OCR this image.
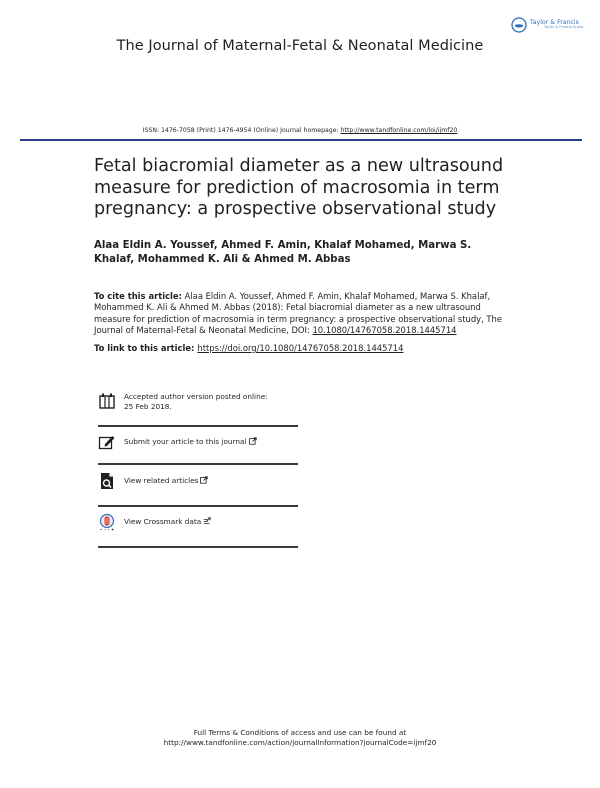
Taylor & Francis
Taylor & Francis Group
The Journal of Maternal-Fetal & Neonatal Medicine
ISSN: 1476-7058 (Print) 1476-4954 (Online) Journal homepage: http://www.tandfonline.com/loi/ijmf20
Fetal biacromial diameter as a new ultrasound measure for prediction of macrosomia in term pregnancy: a prospective observational study
Alaa Eldin A. Youssef, Ahmed F. Amin, Khalaf Mohamed, Marwa S. Khalaf, Mohammed K. Ali & Ahmed M. Abbas
To cite this article: Alaa Eldin A. Youssef, Ahmed F. Amin, Khalaf Mohamed, Marwa S. Khalaf, Mohammed K. Ali & Ahmed M. Abbas (2018): Fetal biacromial diameter as a new ultrasound measure for prediction of macrosomia in term pregnancy: a prospective observational study, The Journal of Maternal-Fetal & Neonatal Medicine, DOI: 10.1080/14767058.2018.1445714
To link to this article: https://doi.org/10.1080/14767058.2018.1445714
Accepted author version posted online: 25 Feb 2018.
Submit your article to this journal
View related articles
View Crossmark data
Full Terms & Conditions of access and use can be found at
http://www.tandfonline.com/action/journalInformation?journalCode=ijmf20
